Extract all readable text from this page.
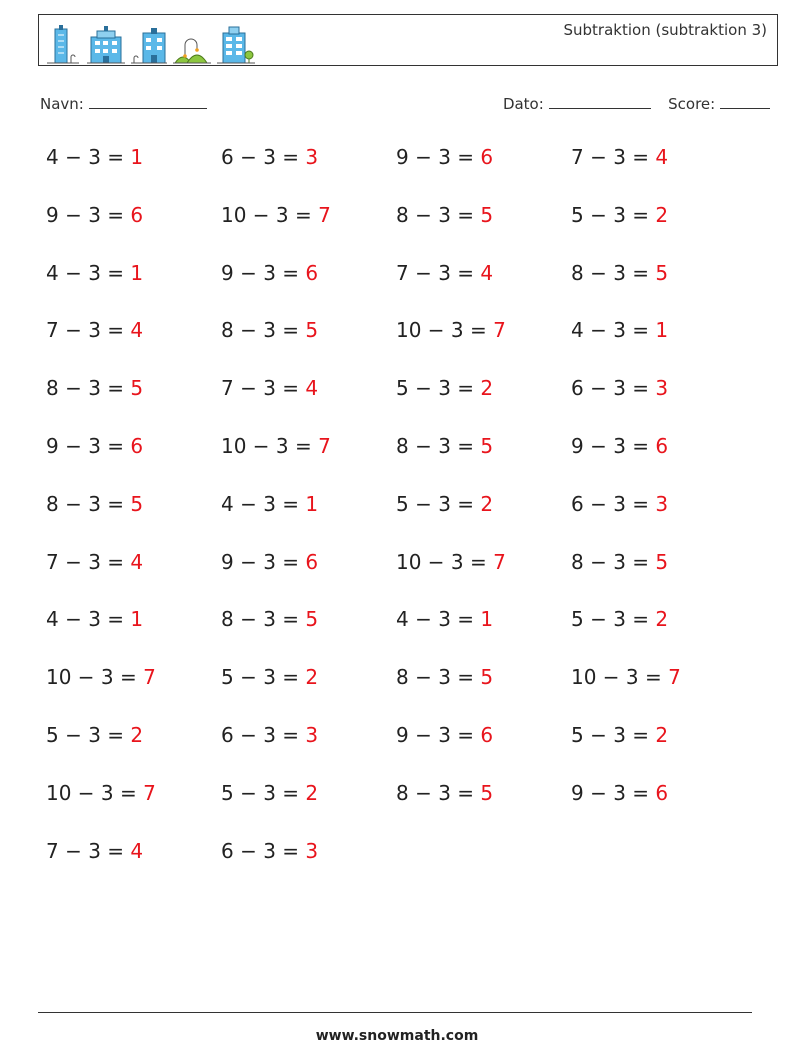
Subtraktion (subtraktion 3)
Navn:	Dato:	Score:
4 − 3 = 1	6 − 3 = 3	9 − 3 = 6	7 − 3 = 4
9 − 3 = 6	10 − 3 = 7	8 − 3 = 5	5 − 3 = 2
4 − 3 = 1	9 − 3 = 6	7 − 3 = 4	8 − 3 = 5
7 − 3 = 4	8 − 3 = 5	10 − 3 = 7	4 − 3 = 1
8 − 3 = 5	7 − 3 = 4	5 − 3 = 2	6 − 3 = 3
9 − 3 = 6	10 − 3 = 7	8 − 3 = 5	9 − 3 = 6
8 − 3 = 5	4 − 3 = 1	5 − 3 = 2	6 − 3 = 3
7 − 3 = 4	9 − 3 = 6	10 − 3 = 7	8 − 3 = 5
4 − 3 = 1	8 − 3 = 5	4 − 3 = 1	5 − 3 = 2
10 − 3 = 7	5 − 3 = 2	8 − 3 = 5	10 − 3 = 7
5 − 3 = 2	6 − 3 = 3	9 − 3 = 6	5 − 3 = 2
10 − 3 = 7	5 − 3 = 2	8 − 3 = 5	9 − 3 = 6
7 − 3 = 4	6 − 3 = 3
www.snowmath.com
